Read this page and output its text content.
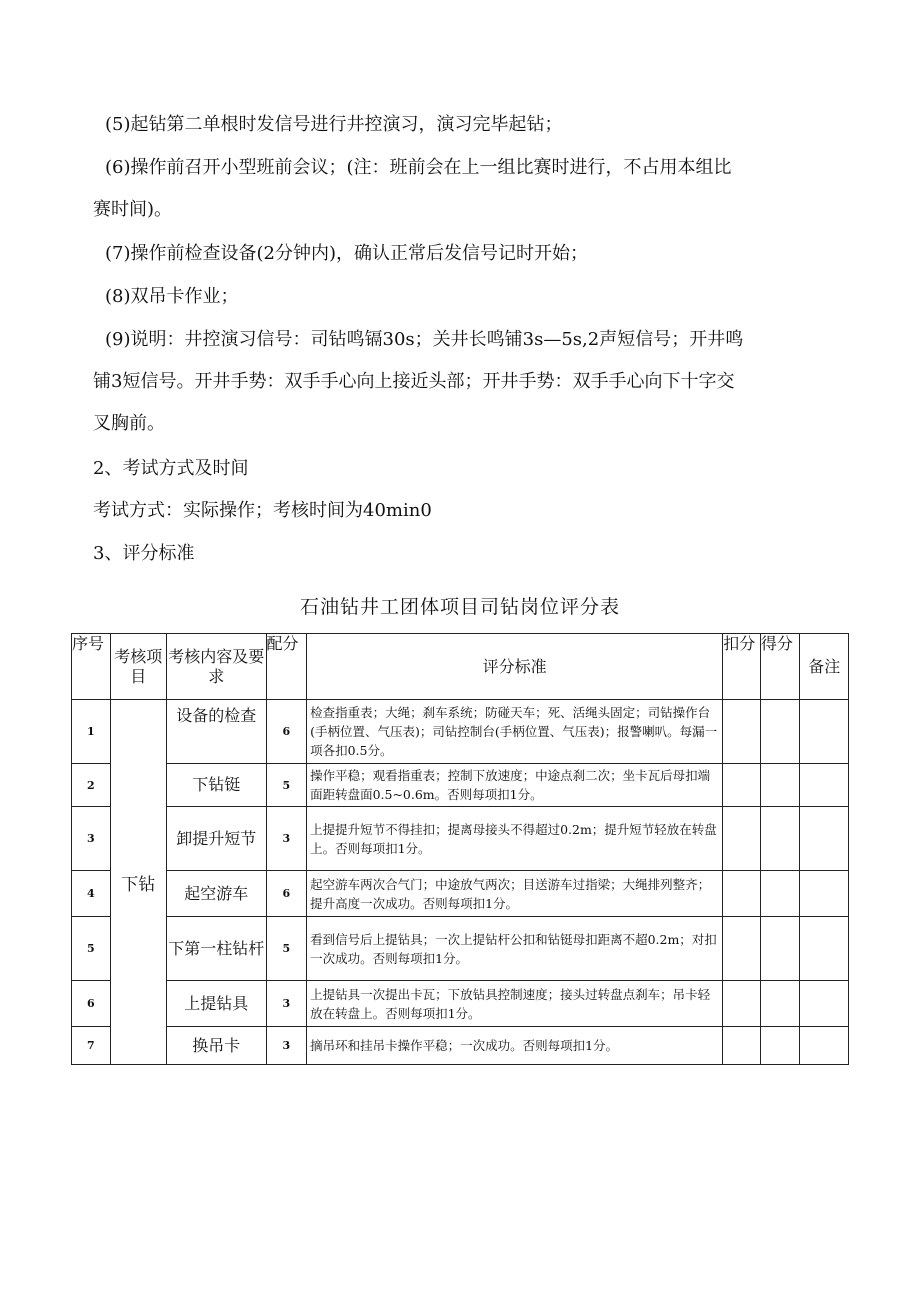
(5)起钻第二单根时发信号进行井控演习，演习完毕起钻；
(6)操作前召开小型班前会议；(注：班前会在上一组比赛时进行，不占用本组比
赛时间)。
(7)操作前检查设备(2分钟内)，确认正常后发信号记时开始；
(8)双吊卡作业；
(9)说明：井控演习信号：司钻鸣镉30s；关井长鸣铺3s—5s,2声短信号；开井鸣
铺3短信号。开井手势：双手手心向上接近头部；开井手势：双手手心向下十字交
叉胸前。
2、考试方式及时间
考试方式：实际操作；考核时间为40min0
3、评分标准
石油钻井工团体项目司钻岗位评分表
序号	考核项目	考核内容及要求	配分	评分标准	扣分	得分	备注
1	下钻	设备的检查	6	检查指重表；大绳；刹车系统；防碰天车；死、活绳头固定；司钻操作台(手柄位置、气压表)；司钻控制台(手柄位置、气压表)；报警喇叭。每漏一项各扣0.5分。			
2		下钻铤	5	操作平稳；观看指重表；控制下放速度；中途点刹二次；坐卡瓦后母扣端面距转盘面0.5~0.6m。否则每项扣1分。			
3		卸提升短节	3	上提提升短节不得挂扣；提离母接头不得超过0.2m；提升短节轻放在转盘上。否则每项扣1分。			
4		起空游车	6	起空游车两次合气门；中途放气两次；目送游车过指梁；大绳排列整齐；提升高度一次成功。否则每项扣1分。			
5		下第一柱钻杆	5	看到信号后上提钻具；一次上提钻杆公扣和钻铤母扣距离不超0.2m；对扣一次成功。否则每项扣1分。			
6		上提钻具	3	上提钻具一次提出卡瓦；下放钻具控制速度；接头过转盘点刹车；吊卡轻放在转盘上。否则每项扣1分。			
7		换吊卡	3	摘吊环和挂吊卡操作平稳；一次成功。否则每项扣1分。			
